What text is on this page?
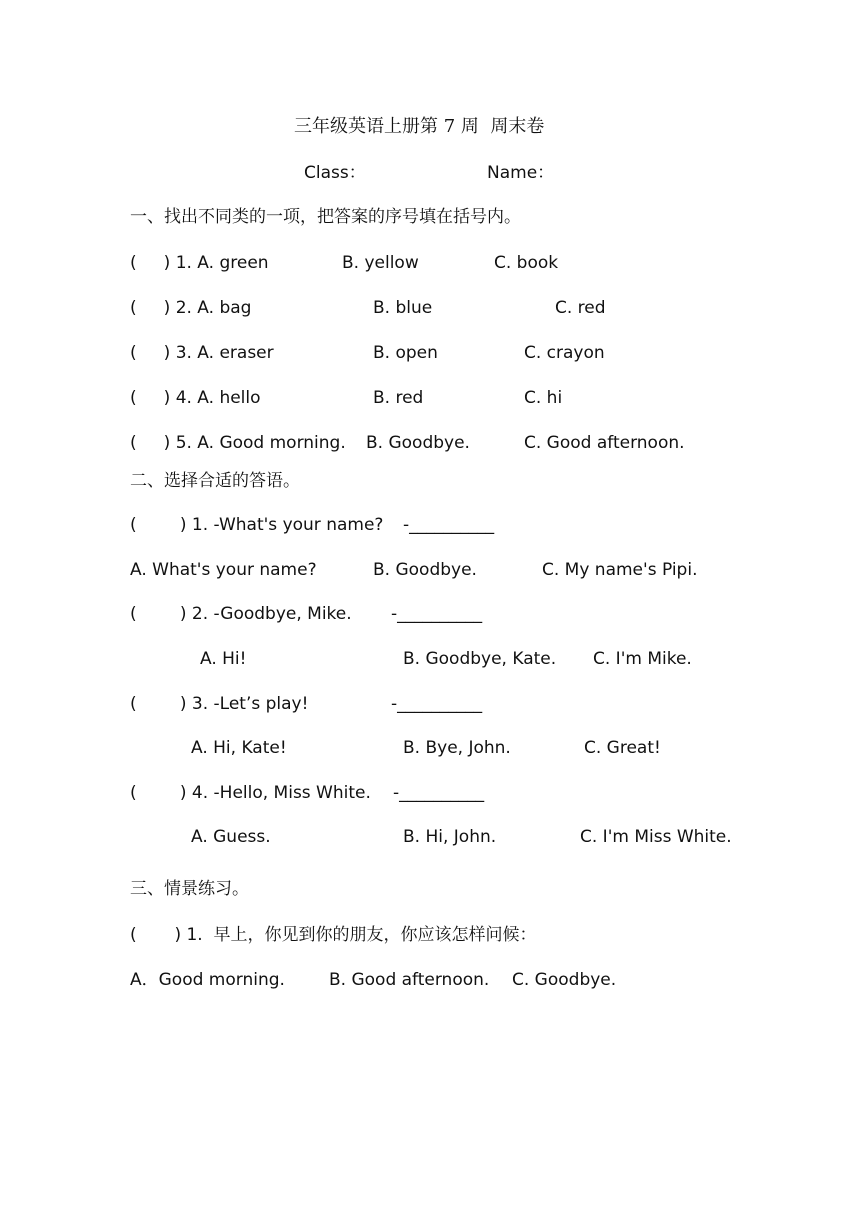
三年级英语上册第 7 周  周末卷
Class：	Name：
一、找出不同类的一项，把答案的序号填在括号内。
(     ) 1. A. green	B. yellow	C. book
(     ) 2. A. bag	B. blue	C. red
(     ) 3. A. eraser	B. open	C. crayon
(     ) 4. A. hello	B. red	C. hi
(     ) 5. A. Good morning. B. Goodbye.	C. Good afternoon.
二、选择合适的答语。
(        ) 1. -What's your name? -__________
A. What's your name?	B. Goodbye.	C. My name's Pipi.
(        ) 2. -Goodbye, Mike. -__________
A. Hi!	B. Goodbye, Kate. C. I'm Mike.
(        ) 3. -Let’s play!	-__________
A. Hi, Kate!	B. Bye, John.	C. Great!
(        ) 4. -Hello, Miss White. -__________
A. Guess.	B. Hi, John.	C. I'm Miss White.
三、情景练习。
(       ) 1.  早上，你见到你的朋友，你应该怎样问候：
A．Good morning.	B. Good afternoon. C. Goodbye.
